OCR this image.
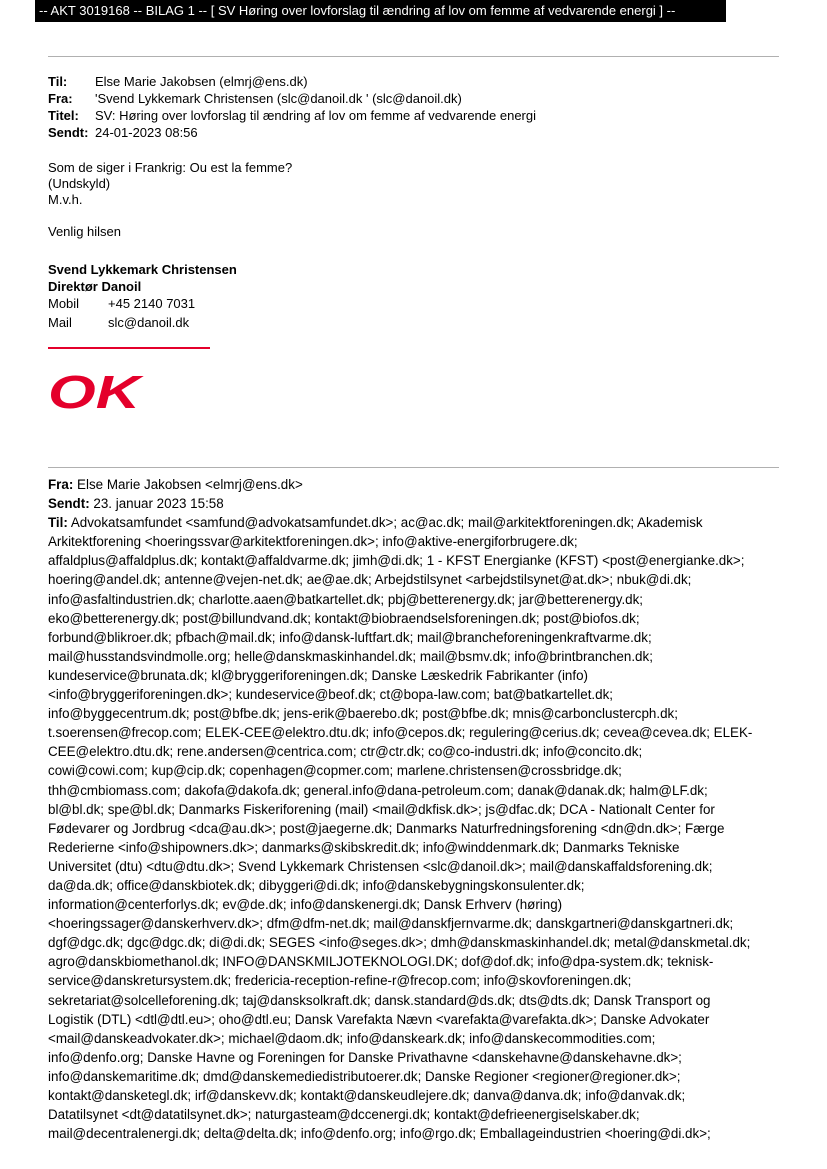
-- AKT 3019168 -- BILAG 1 -- [ SV Høring over lovforslag til ændring af lov om femme af vedvarende energi ] --
Til:	Else Marie Jakobsen (elmrj@ens.dk)
Fra:	'Svend Lykkemark Christensen (slc@danoil.dk ' (slc@danoil.dk)
Titel:	SV: Høring over lovforslag til ændring af lov om femme af vedvarende energi
Sendt: 24-01-2023 08:56
Som de siger i Frankrig: Ou est la femme?
(Undskyld)
M.v.h.
Venlig hilsen
Svend Lykkemark Christensen
Direktør Danoil
Mobil	+45 2140 7031
Mail	slc@danoil.dk
OK
Fra: Else Marie Jakobsen <elmrj@ens.dk>
Sendt: 23. januar 2023 15:58
Til: Advokatsamfundet <samfund@advokatsamfundet.dk>; ac@ac.dk; mail@arkitektforeningen.dk; Akademisk
Arkitektforening <hoeringssvar@arkitektforeningen.dk>; info@aktive-energiforbrugere.dk;
affaldplus@affaldplus.dk; kontakt@affaldvarme.dk; jimh@di.dk; 1 - KFST Energianke (KFST) <post@energianke.dk>;
hoering@andel.dk; antenne@vejen-net.dk; ae@ae.dk; Arbejdstilsynet <arbejdstilsynet@at.dk>; nbuk@di.dk;
info@asfaltindustrien.dk; charlotte.aaen@batkartellet.dk; pbj@betterenergy.dk; jar@betterenergy.dk;
eko@betterenergy.dk; post@billundvand.dk; kontakt@biobraendselsforeningen.dk; post@biofos.dk;
forbund@blikroer.dk; pfbach@mail.dk; info@dansk-luftfart.dk; mail@brancheforeningenkraftvarme.dk;
mail@husstandsvindmolle.org; helle@danskmaskinhandel.dk; mail@bsmv.dk; info@brintbranchen.dk;
kundeservice@brunata.dk; kl@bryggeriforeningen.dk; Danske Læskedrik Fabrikanter (info)
<info@bryggeriforeningen.dk>; kundeservice@beof.dk; ct@bopa-law.com; bat@batkartellet.dk;
info@byggecentrum.dk; post@bfbe.dk; jens-erik@baerebo.dk; post@bfbe.dk; mnis@carbonclustercph.dk;
t.soerensen@frecop.com; ELEK-CEE@elektro.dtu.dk; info@cepos.dk; regulering@cerius.dk; cevea@cevea.dk; ELEK-
CEE@elektro.dtu.dk; rene.andersen@centrica.com; ctr@ctr.dk; co@co-industri.dk; info@concito.dk;
cowi@cowi.com; kup@cip.dk; copenhagen@copmer.com; marlene.christensen@crossbridge.dk;
thh@cmbiomass.com; dakofa@dakofa.dk; general.info@dana-petroleum.com; danak@danak.dk; halm@LF.dk;
bl@bl.dk; spe@bl.dk; Danmarks Fiskeriforening (mail) <mail@dkfisk.dk>; js@dfac.dk; DCA - Nationalt Center for
Fødevarer og Jordbrug <dca@au.dk>; post@jaegerne.dk; Danmarks Naturfredningsforening <dn@dn.dk>; Færge
Rederierne <info@shipowners.dk>; danmarks@skibskredit.dk; info@winddenmark.dk; Danmarks Tekniske
Universitet (dtu) <dtu@dtu.dk>; Svend Lykkemark Christensen <slc@danoil.dk>; mail@danskaffaldsforening.dk;
da@da.dk; office@danskbiotek.dk; dibyggeri@di.dk; info@danskebygningskonsulenter.dk;
information@centerforlys.dk; ev@de.dk; info@danskenergi.dk; Dansk Erhverv (høring)
<hoeringssager@danskerhverv.dk>; dfm@dfm-net.dk; mail@danskfjernvarme.dk; danskgartneri@danskgartneri.dk;
dgf@dgc.dk; dgc@dgc.dk; di@di.dk; SEGES <info@seges.dk>; dmh@danskmaskinhandel.dk; metal@danskmetal.dk;
agro@danskbiomethanol.dk; INFO@DANSKMILJOTEKNOLOGI.DK; dof@dof.dk; info@dpa-system.dk; teknisk-
service@danskretursystem.dk; fredericia-reception-refine-r@frecop.com; info@skovforeningen.dk;
sekretariat@solcelleforening.dk; taj@dansksolkraft.dk; dansk.standard@ds.dk; dts@dts.dk; Dansk Transport og
Logistik (DTL) <dtl@dtl.eu>; oho@dtl.eu; Dansk Varefakta Nævn <varefakta@varefakta.dk>; Danske Advokater
<mail@danskeadvokater.dk>; michael@daom.dk; info@danskeark.dk; info@danskecommodities.com;
info@denfo.org; Danske Havne og Foreningen for Danske Privathavne <danskehavne@danskehavne.dk>;
info@danskemaritime.dk; dmd@danskemediedistributoerer.dk; Danske Regioner <regioner@regioner.dk>;
kontakt@dansketegl.dk; irf@danskevv.dk; kontakt@danskeudlejere.dk; danva@danva.dk; info@danvak.dk;
Datatilsynet <dt@datatilsynet.dk>; naturgasteam@dccenergi.dk; kontakt@defrieenergiselskaber.dk;
mail@decentralenergi.dk; delta@delta.dk; info@denfo.org; info@rgo.dk; Emballageindustrien <hoering@di.dk>;
